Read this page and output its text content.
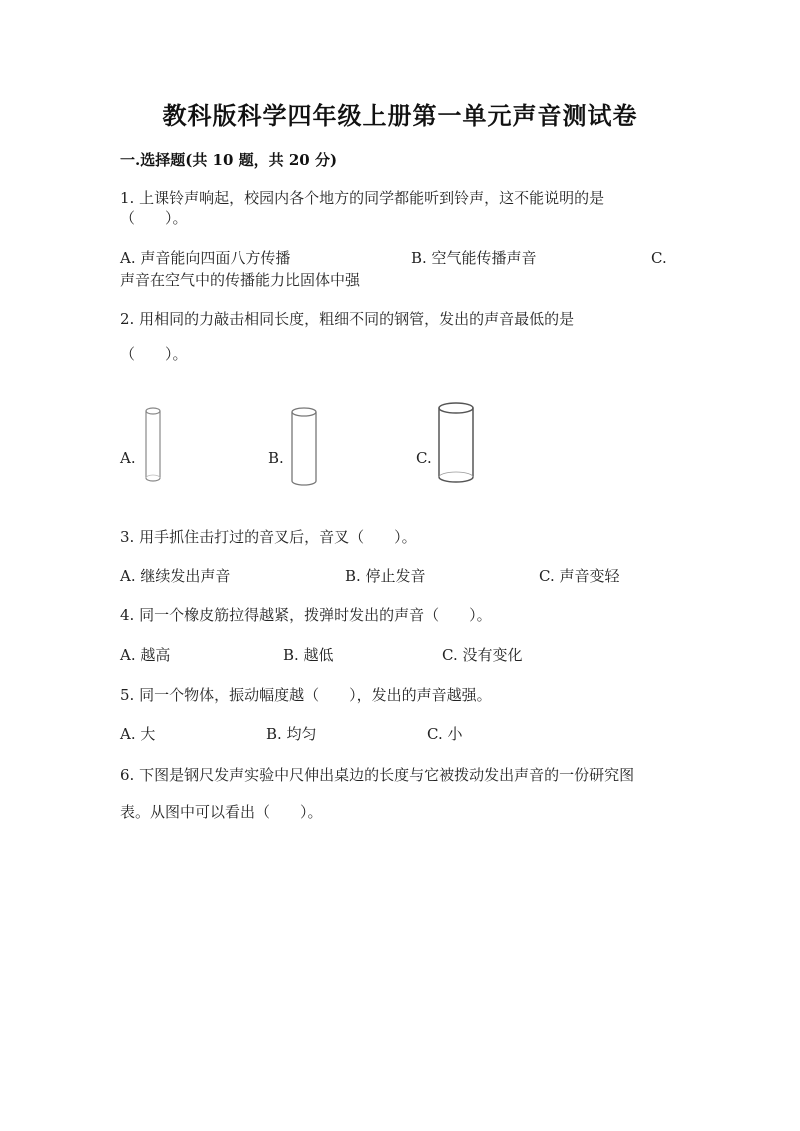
教科版科学四年级上册第一单元声音测试卷
一.选择题(共 10 题，共 20 分)
1. 上课铃声响起，校园内各个地方的同学都能听到铃声，这不能说明的是
（　　）。
A. 声音能向四面八方传播	B. 空气能传播声音	C.
声音在空气中的传播能力比固体中强
2. 用相同的力敲击相同长度，粗细不同的钢管，发出的声音最低的是
（　　）。
A.	B.	C.
3. 用手抓住击打过的音叉后，音叉（　　）。
A. 继续发出声音	B. 停止发音	C. 声音变轻
4. 同一个橡皮筋拉得越紧，拨弹时发出的声音（　　）。
A. 越高	B. 越低	C. 没有变化
5. 同一个物体，振动幅度越（　　），发出的声音越强。
A. 大	B. 均匀	C. 小
6. 下图是钢尺发声实验中尺伸出桌边的长度与它被拨动发出声音的一份研究图
表。从图中可以看出（　　）。
